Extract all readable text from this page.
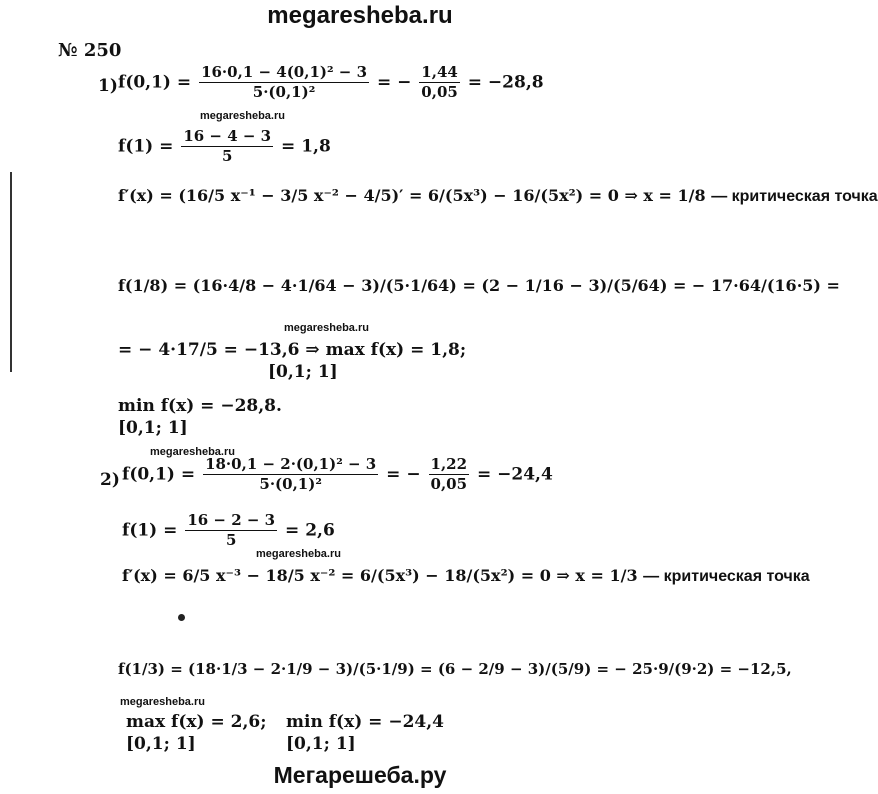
megaresheba.ru
№ 250
1) $f(0,1) = \frac{\text{16·0,1 − 4(0,1)² − 3}}{\text{5·(0,1)²}}$ = − $\frac{1,44}{0,05} = -28,8$
megaresheba.ru
$f(1) = \frac{16 - 4 - 3}{5} = 1,8$
f′(x) = (16/5 x⁻¹ − 3/5 x⁻² − 4/5)′ = 6/(5x³) − 16/(5x²) = 0 ⇒ x = 1/8 — критическая точка
f(1/8) = (16·4/8 − 4·1/64 − 3)/(5·1/64) = (2 − 1/16 − 3)/(5/64) = − 17·64/(16·5) =
megaresheba.ru
= − 4·17/5 = −13,6 ⇒ max f(x) = 1,8;
[0,1; 1]
min f(x) = −28,8.
[0,1; 1]
megaresheba.ru
2) $f(0,1) = \frac{\text{18·0,1 − 2·(0,1)² − 3}}{\text{5·(0,1)²}}$ = − $\frac{1,22}{0,05} = -24,4$
$f(1) = \frac{16 - 2 - 3}{5} = 2,6$
megaresheba.ru
f′(x) = 6/5 x⁻³ − 18/5 x⁻² = 6/(5x³) − 18/(5x²) = 0 ⇒ x = 1/3 — критическая точка
f(1/3) = (18·1/3 − 2·1/9 − 3)/(5·1/9) = (6 − 2/9 − 3)/(5/9) = − 25·9/(9·2) = −12,5,
megaresheba.ru
max f(x) = 2,6;
[0,1; 1]
min f(x) = −24,4
[0,1; 1]
Мегарешеба.ру
